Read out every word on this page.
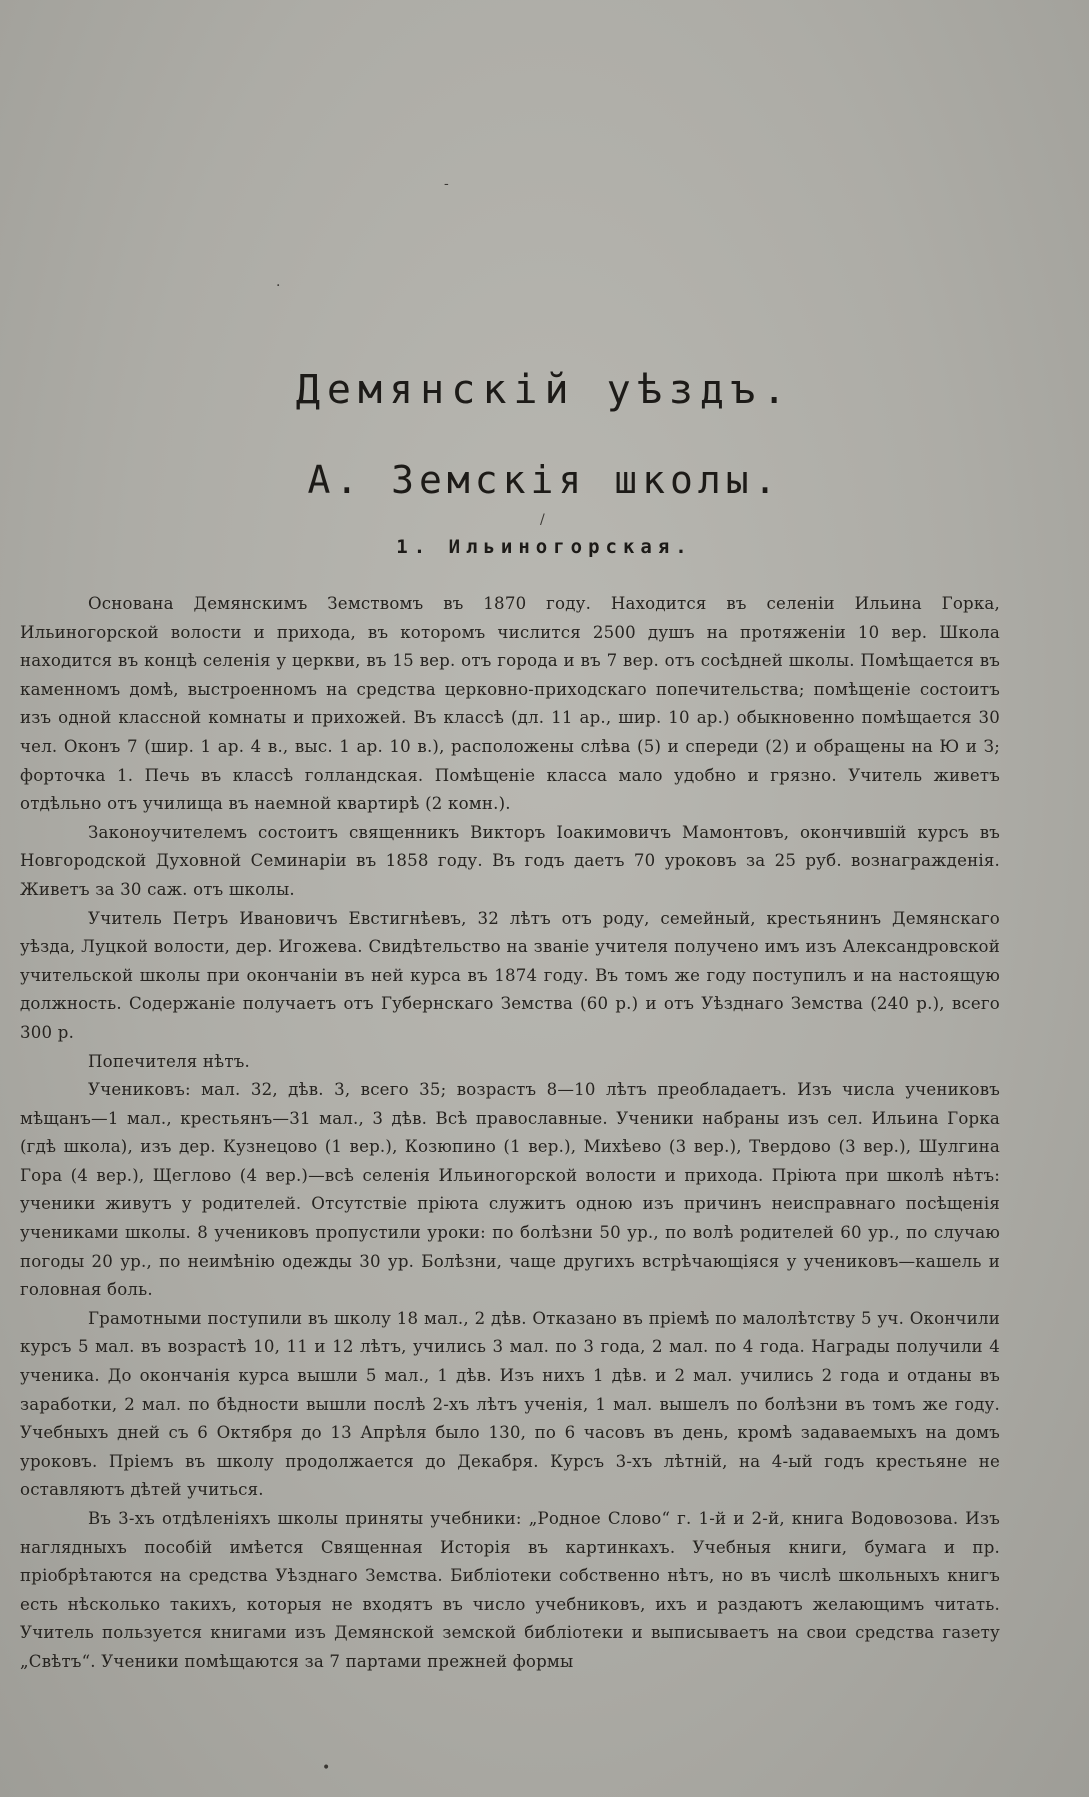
-
·
/
Демянскій уѣздъ.
А. Земскія школы.
1. Ильиногорская.

Основана Демянскимъ Земствомъ въ 1870 году. Находится въ селеніи Ильина Горка, Ильиногорской волости и прихода, въ которомъ числится 2500 душъ на протяженіи 10 вер. Школа находится въ концѣ селенія у церкви, въ 15 вер. отъ города и въ 7 вер. отъ сосѣдней школы. Помѣщается въ каменномъ домѣ, выстроенномъ на средства церковно-приходскаго попечительства; помѣщеніе состоитъ изъ одной классной комнаты и прихожей. Въ классѣ (дл. 11 ар., шир. 10 ар.) обыкновенно помѣщается 30 чел. Оконъ 7 (шир. 1 ар. 4 в., выс. 1 ар. 10 в.), расположены слѣва (5) и спереди (2) и обращены на Ю и З; форточка 1. Печь въ классѣ голландская. Помѣщеніе класса мало удобно и грязно. Учитель живетъ отдѣльно отъ училища въ наемной квартирѣ (2 комн.).

Законоучителемъ состоитъ священникъ Викторъ Іоакимовичъ Мамонтовъ, окончившій курсъ въ Новгородской Духовной Семинаріи въ 1858 году. Въ годъ даетъ 70 уроковъ за 25 руб. вознагражденія. Живетъ за 30 саж. отъ школы.

Учитель Петръ Ивановичъ Евстигнѣевъ, 32 лѣтъ отъ роду, семейный, крестьянинъ Демянскаго уѣзда, Луцкой волости, дер. Игожева. Свидѣтельство на званіе учителя получено имъ изъ Александровской учительской школы при окончаніи въ ней курса въ 1874 году. Въ томъ же году поступилъ и на настоящую должность. Содержаніе получаетъ отъ Губернскаго Земства (60 р.) и отъ Уѣзднаго Земства (240 р.), всего 300 р.

Попечителя нѣтъ.

Учениковъ: мал. 32, дѣв. 3, всего 35; возрастъ 8—10 лѣтъ преобладаетъ. Изъ числа учениковъ мѣщанъ—1 мал., крестьянъ—31 мал., 3 дѣв. Всѣ православные. Ученики набраны изъ сел. Ильина Горка (гдѣ школа), изъ дер. Кузнецово (1 вер.), Козюпино (1 вер.), Михѣево (3 вер.), Твердово (3 вер.), Шулгина Гора (4 вер.), Щеглово (4 вер.)—всѣ селенія Ильиногорской волости и прихода. Пріюта при школѣ нѣтъ: ученики живутъ у родителей. Отсутствіе пріюта служитъ одною изъ причинъ неисправнаго посѣщенія учениками школы. 8 учениковъ пропустили уроки: по болѣзни 50 ур., по волѣ родителей 60 ур., по случаю погоды 20 ур., по неимѣнію одежды 30 ур. Болѣзни, чаще другихъ встрѣчающіяся у учениковъ—кашель и головная боль.

Грамотными поступили въ школу 18 мал., 2 дѣв. Отказано въ пріемѣ по малолѣтству 5 уч. Окончили курсъ 5 мал. въ возрастѣ 10, 11 и 12 лѣтъ, учились 3 мал. по 3 года, 2 мал. по 4 года. Награды получили 4 ученика. До окончанія курса вышли 5 мал., 1 дѣв. Изъ нихъ 1 дѣв. и 2 мал. учились 2 года и отданы въ заработки, 2 мал. по бѣдности вышли послѣ 2-хъ лѣтъ ученія, 1 мал. вышелъ по болѣзни въ томъ же году. Учебныхъ дней съ 6 Октября до 13 Апрѣля было 130, по 6 часовъ въ день, кромѣ задаваемыхъ на домъ уроковъ. Пріемъ въ школу продолжается до Декабря. Курсъ 3-хъ лѣтній, на 4-ый годъ крестьяне не оставляютъ дѣтей учиться.

Въ 3-хъ отдѣленіяхъ школы приняты учебники: „Родное Слово“ г. 1-й и 2-й, книга Водовозова. Изъ наглядныхъ пособій имѣется Священная Исторія въ картинкахъ. Учебныя книги, бумага и пр. пріобрѣтаются на средства Уѣзднаго Земства. Библіотеки собственно нѣтъ, но въ числѣ школьныхъ книгъ есть нѣсколько такихъ, которыя не входятъ въ число учебниковъ, ихъ и раздаютъ желающимъ читать. Учитель пользуется книгами изъ Демянской земской библіотеки и выписываетъ на свои средства газету „Свѣтъ“. Ученики помѣщаются за 7 партами прежней формы

•
